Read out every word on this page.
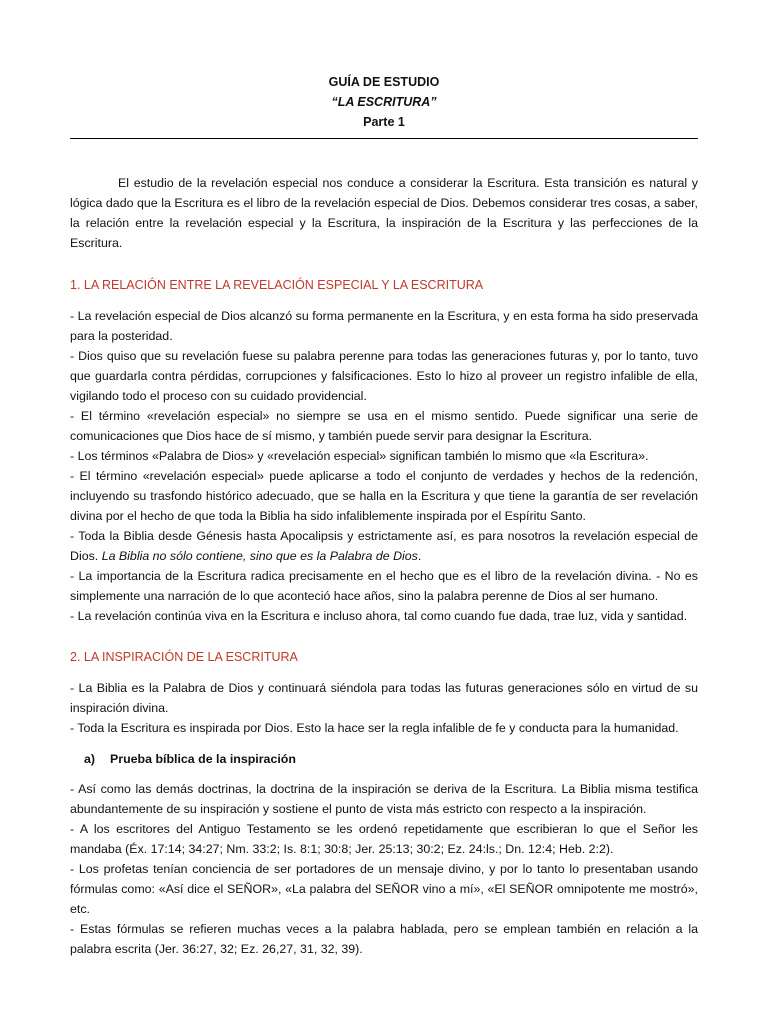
GUÍA DE ESTUDIO
“LA ESCRITURA”
Parte 1

El estudio de la revelación especial nos conduce a considerar la Escritura. Esta transición es natural y lógica dado que la Escritura es el libro de la revelación especial de Dios. Debemos considerar tres cosas, a saber, la relación entre la revelación especial y la Escritura, la inspiración de la Escritura y las perfecciones de la Escritura.

1. LA RELACIÓN ENTRE LA REVELACIÓN ESPECIAL Y LA ESCRITURA

- La revelación especial de Dios alcanzó su forma permanente en la Escritura, y en esta forma ha sido preservada para la posteridad.

- Dios quiso que su revelación fuese su palabra perenne para todas las generaciones futuras y, por lo tanto, tuvo que guardarla contra pérdidas, corrupciones y falsificaciones. Esto lo hizo al proveer un registro infalible de ella, vigilando todo el proceso con su cuidado providencial.

- El término «revelación especial» no siempre se usa en el mismo sentido. Puede significar una serie de comunicaciones que Dios hace de sí mismo, y también puede servir para designar la Escritura.

- Los términos «Palabra de Dios» y «revelación especial» significan también lo mismo que «la Escritura».

- El término «revelación especial» puede aplicarse a todo el conjunto de verdades y hechos de la redención, incluyendo su trasfondo histórico adecuado, que se halla en la Escritura y que tiene la garantía de ser revelación divina por el hecho de que toda la Biblia ha sido infaliblemente inspirada por el Espíritu Santo.

- Toda la Biblia desde Génesis hasta Apocalipsis y estrictamente así, es para nosotros la revelación especial de Dios. La Biblia no sólo contiene, sino que es la Palabra de Dios.

- La importancia de la Escritura radica precisamente en el hecho que es el libro de la revelación divina. - No es simplemente una narración de lo que aconteció hace años, sino la palabra perenne de Dios al ser humano.

- La revelación continúa viva en la Escritura e incluso ahora, tal como cuando fue dada, trae luz, vida y santidad.

2. LA INSPIRACIÓN DE LA ESCRITURA

- La Biblia es la Palabra de Dios y continuará siéndola para todas las futuras generaciones sólo en virtud de su inspiración divina.

- Toda la Escritura es inspirada por Dios. Esto la hace ser la regla infalible de fe y conducta para la humanidad.

a) Prueba bíblica de la inspiración

- Así como las demás doctrinas, la doctrina de la inspiración se deriva de la Escritura. La Biblia misma testifica abundantemente de su inspiración y sostiene el punto de vista más estricto con respecto a la inspiración.

- A los escritores del Antiguo Testamento se les ordenó repetidamente que escribieran lo que el Señor les mandaba (Éx. 17:14; 34:27; Nm. 33:2; Is. 8:1; 30:8; Jer. 25:13; 30:2; Ez. 24:ls.; Dn. 12:4; Heb. 2:2).

- Los profetas tenían conciencia de ser portadores de un mensaje divino, y por lo tanto lo presentaban usando fórmulas como: «Así dice el SEÑOR», «La palabra del SEÑOR vino a mí», «El SEÑOR omnipotente me mostró», etc.

- Estas fórmulas se refieren muchas veces a la palabra hablada, pero se emplean también en relación a la palabra escrita (Jer. 36:27, 32; Ez. 26,27, 31, 32, 39).
